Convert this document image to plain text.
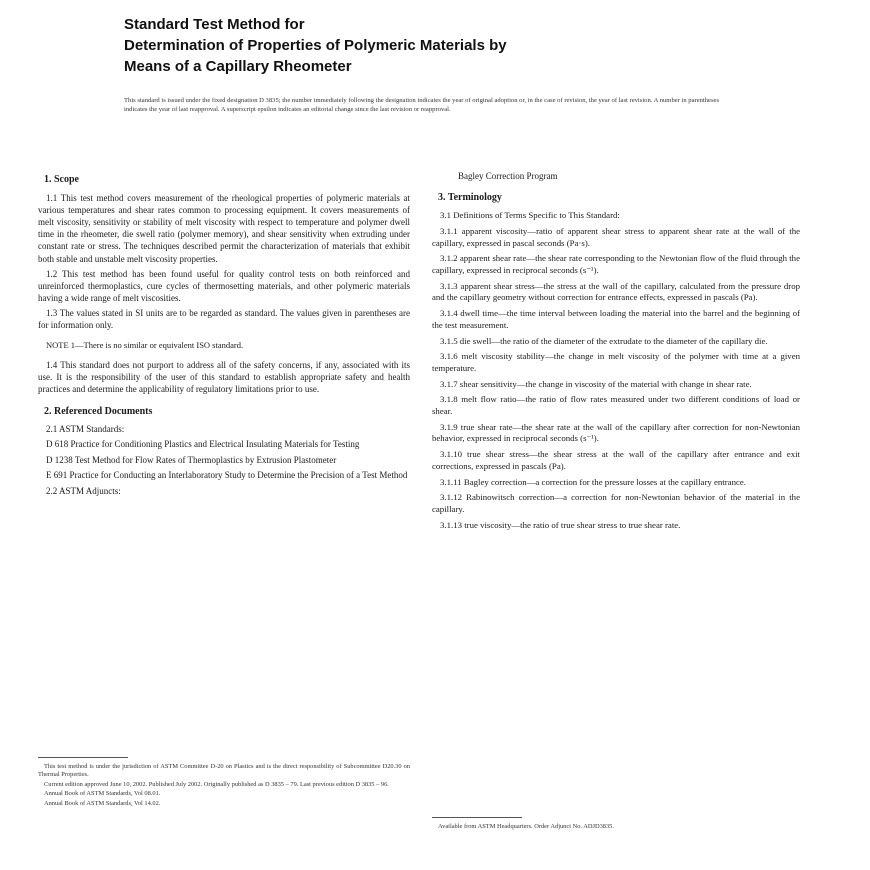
Standard Test Method for
Determination of Properties of Polymeric Materials by
Means of a Capillary Rheometer
This standard is issued under the fixed designation D 3835; the number immediately following the designation indicates the year of original adoption or, in the case of revision, the year of last revision. A number in parentheses indicates the year of last reapproval. A superscript epsilon indicates an editorial change since the last revision or reapproval.
1. Scope

1.1 This test method covers measurement of the rheological properties of polymeric materials at various temperatures and shear rates common to processing equipment. It covers measurements of melt viscosity, sensitivity or stability of melt viscosity with respect to temperature and polymer dwell time in the rheometer, die swell ratio (polymer memory), and shear sensitivity when extruding under constant rate or stress. The techniques described permit the characterization of materials that exhibit both stable and unstable melt viscosity properties.

1.2 This test method has been found useful for quality control tests on both reinforced and unreinforced thermoplastics, cure cycles of thermosetting materials, and other polymeric materials having a wide range of melt viscosities.

1.3 The values stated in SI units are to be regarded as standard. The values given in parentheses are for information only.

NOTE 1—There is no similar or equivalent ISO standard.

1.4 This standard does not purport to address all of the safety concerns, if any, associated with its use. It is the responsibility of the user of this standard to establish appropriate safety and health practices and determine the applicability of regulatory limitations prior to use.

2. Referenced Documents
2.1 ASTM Standards:
D 618 Practice for Conditioning Plastics and Electrical Insulating Materials for Testing
D 1238 Test Method for Flow Rates of Thermoplastics by Extrusion Plastometer
E 691 Practice for Conducting an Interlaboratory Study to Determine the Precision of a Test Method
2.2 ASTM Adjuncts:

This test method is under the jurisdiction of ASTM Committee D-20 on Plastics and is the direct responsibility of Subcommittee D20.30 on Thermal Properties.

Current edition approved June 10, 2002. Published July 2002. Originally published as D 3835 – 79. Last previous edition D 3835 – 96.

Annual Book of ASTM Standards, Vol 08.01.

Annual Book of ASTM Standards, Vol 14.02.

Bagley Correction Program
3. Terminology

3.1 Definitions of Terms Specific to This Standard:

3.1.1 apparent viscosity—ratio of apparent shear stress to apparent shear rate at the wall of the capillary, expressed in pascal seconds (Pa·s).

3.1.2 apparent shear rate—the shear rate corresponding to the Newtonian flow of the fluid through the capillary, expressed in reciprocal seconds (s⁻¹).

3.1.3 apparent shear stress—the stress at the wall of the capillary, calculated from the pressure drop and the capillary geometry without correction for entrance effects, expressed in pascals (Pa).

3.1.4 dwell time—the time interval between loading the material into the barrel and the beginning of the test measurement.

3.1.5 die swell—the ratio of the diameter of the extrudate to the diameter of the capillary die.

3.1.6 melt viscosity stability—the change in melt viscosity of the polymer with time at a given temperature.

3.1.7 shear sensitivity—the change in viscosity of the material with change in shear rate.

3.1.8 melt flow ratio—the ratio of flow rates measured under two different conditions of load or shear.

3.1.9 true shear rate—the shear rate at the wall of the capillary after correction for non-Newtonian behavior, expressed in reciprocal seconds (s⁻¹).

3.1.10 true shear stress—the shear stress at the wall of the capillary after entrance and exit corrections, expressed in pascals (Pa).

3.1.11 Bagley correction—a correction for the pressure losses at the capillary entrance.

3.1.12 Rabinowitsch correction—a correction for non-Newtonian behavior of the material in the capillary.

3.1.13 true viscosity—the ratio of true shear stress to true shear rate.

Available from ASTM Headquarters. Order Adjunct No. ADJD3835.
